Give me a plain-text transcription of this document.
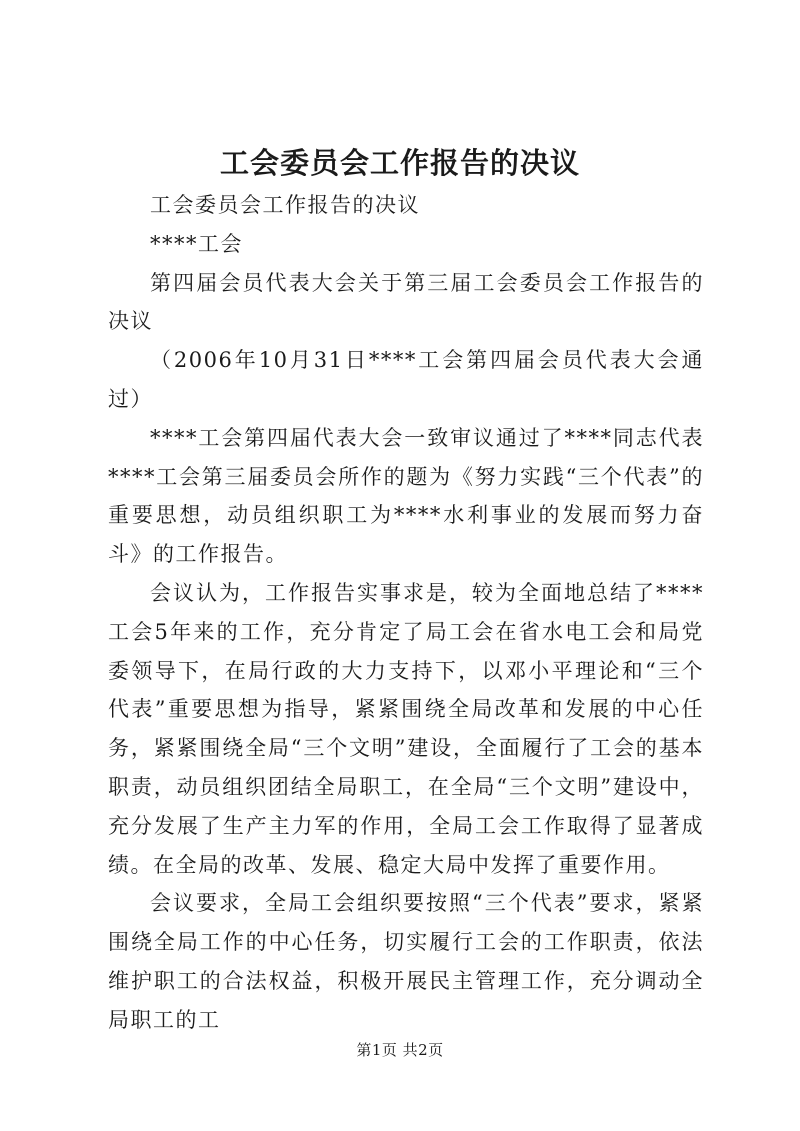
工会委员会工作报告的决议

工会委员会工作报告的决议

****工会

第四届会员代表大会关于第三届工会委员会工作报告的决议

（2006年10月31日****工会第四届会员代表大会通过）

****工会第四届代表大会一致审议通过了****同志代表****工会第三届委员会所作的题为《努力实践“三个代表”的重要思想，动员组织职工为****水利事业的发展而努力奋斗》的工作报告。

会议认为，工作报告实事求是，较为全面地总结了****工会5年来的工作，充分肯定了局工会在省水电工会和局党委领导下，在局行政的大力支持下，以邓小平理论和“三个代表”重要思想为指导，紧紧围绕全局改革和发展的中心任务，紧紧围绕全局“三个文明”建设，全面履行了工会的基本职责，动员组织团结全局职工，在全局“三个文明”建设中，充分发展了生产主力军的作用，全局工会工作取得了显著成绩。在全局的改革、发展、稳定大局中发挥了重要作用。

会议要求，全局工会组织要按照“三个代表”要求，紧紧围绕全局工作的中心任务，切实履行工会的工作职责，依法维护职工的合法权益，积极开展民主管理工作，充分调动全局职工的工

第1页 共2页
